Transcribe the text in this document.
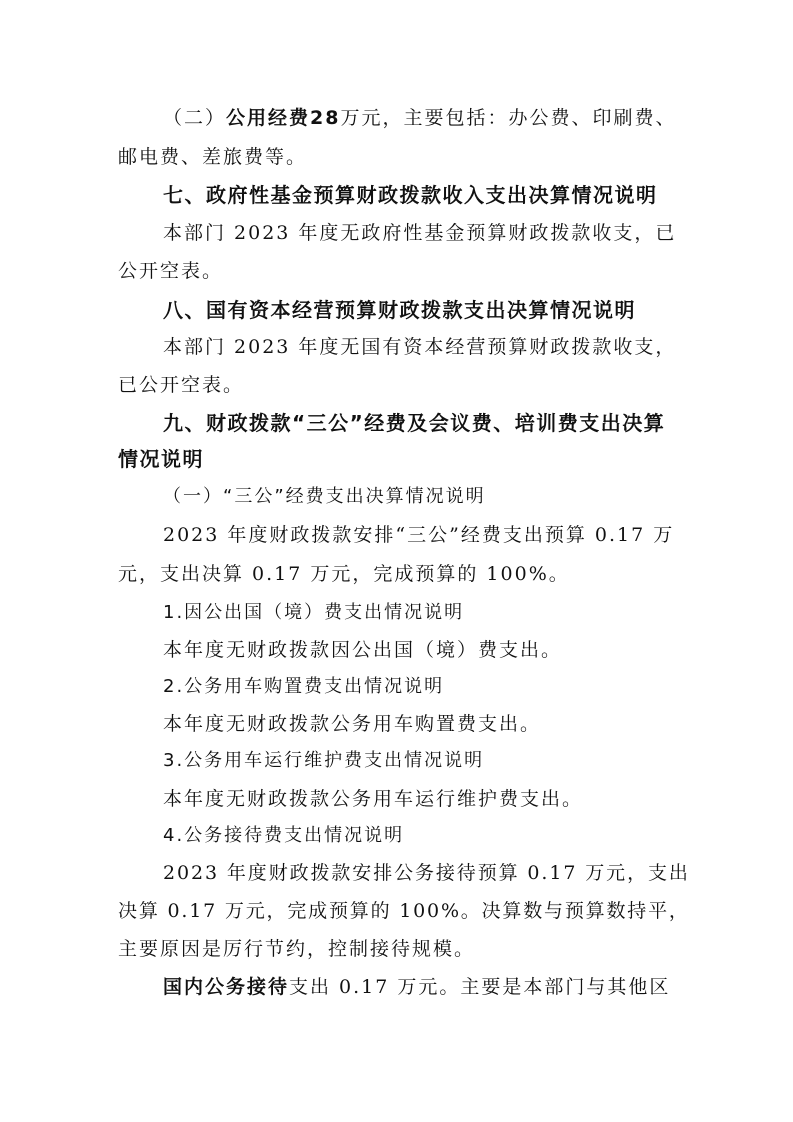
（二）公用经费28万元，主要包括：办公费、印刷费、
邮电费、差旅费等。
七、政府性基金预算财政拨款收入支出决算情况说明
本部门 2023 年度无政府性基金预算财政拨款收支，已
公开空表。
八、国有资本经营预算财政拨款支出决算情况说明
本部门 2023 年度无国有资本经营预算财政拨款收支，
已公开空表。
九、财政拨款“三公”经费及会议费、培训费支出决算
情况说明
（一）“三公”经费支出决算情况说明
2023 年度财政拨款安排“三公”经费支出预算 0.17 万
元，支出决算 0.17 万元，完成预算的 100%。
1.因公出国（境）费支出情况说明
本年度无财政拨款因公出国（境）费支出。
2.公务用车购置费支出情况说明
本年度无财政拨款公务用车购置费支出。
3.公务用车运行维护费支出情况说明
本年度无财政拨款公务用车运行维护费支出。
4.公务接待费支出情况说明
2023 年度财政拨款安排公务接待预算 0.17 万元，支出
决算 0.17 万元，完成预算的 100%。决算数与预算数持平，
主要原因是厉行节约，控制接待规模。
国内公务接待支出 0.17 万元。主要是本部门与其他区
